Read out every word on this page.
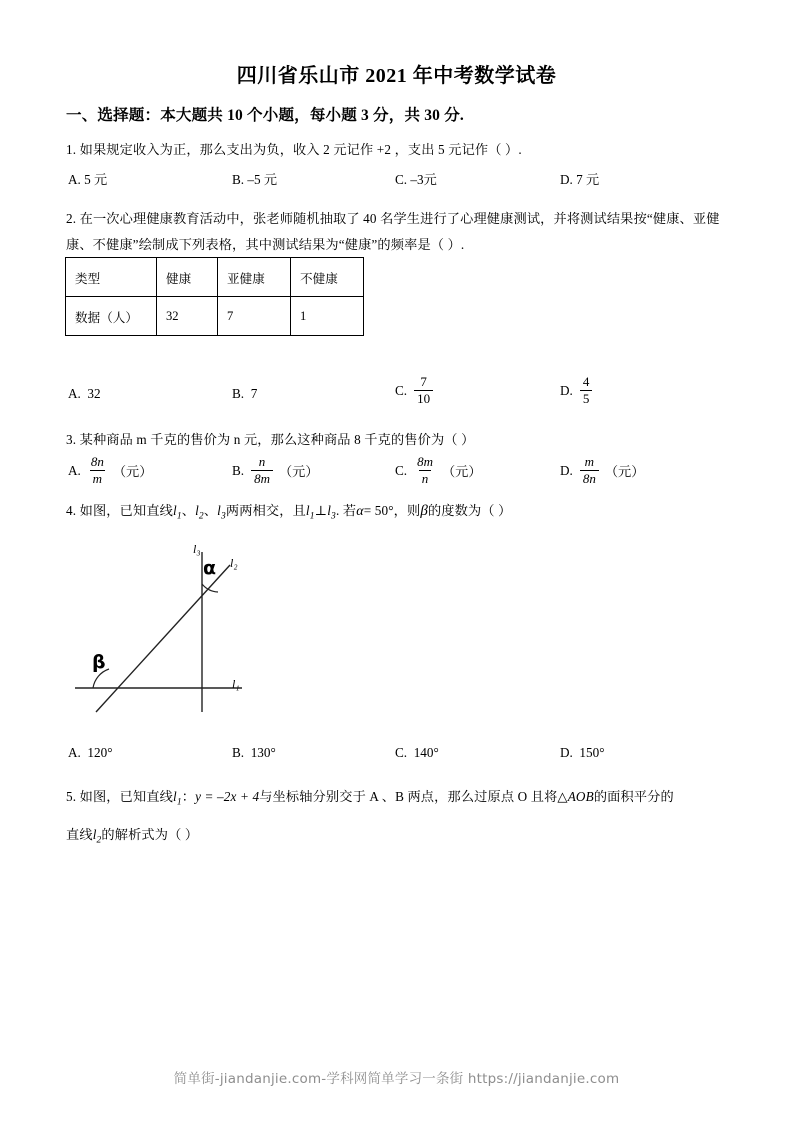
四川省乐山市 2021 年中考数学试卷
一、选择题：本大题共 10 个小题，每小题 3 分，共 30 分.
1. 如果规定收入为正，那么支出为负，收入 2 元记作 +2 ，支出 5 元记作（ ）.
A. 5 元	B. –5 元	C. –3元	D. 7 元
2. 在一次心理健康教育活动中，张老师随机抽取了 40 名学生进行了心理健康测试，并将测试结果按“健康、亚健康、不健康”绘制成下列表格，其中测试结果为“健康”的频率是（ ）.
类型	健康	亚健康	不健康
数据（人）	32	7	1
A. 32	B. 7	C. $\frac{7}{10}$	D. $\frac{4}{5}$
3. 某种商品 m 千克的售价为 n 元，那么这种商品 8 千克的售价为（ ）
A. $\frac{8n}{m}$ （元）	B. $\frac{n}{8m}$ （元）	C. $\frac{8m}{n}$ （元）	D. $\frac{m}{8n}$ （元）
4. 如图，已知直线$l_1$、$l_2$、$l_3$两两相交，且$l_1\perp l_3$. 若α= 50°，则β的度数为（ ）
l₃
l₂
l₁
α
β
A. 120°	B. 130°	C. 140°	D. 150°
5. 如图，已知直线$l_1$：y = –2x + 4与坐标轴分别交于 A 、B 两点，那么过原点 O 且将△AOB的面积平分的
直线$l_2$的解析式为（ ）
简单街-jiandanjie.com-学科网简单学习一条街 https://jiandanjie.com
